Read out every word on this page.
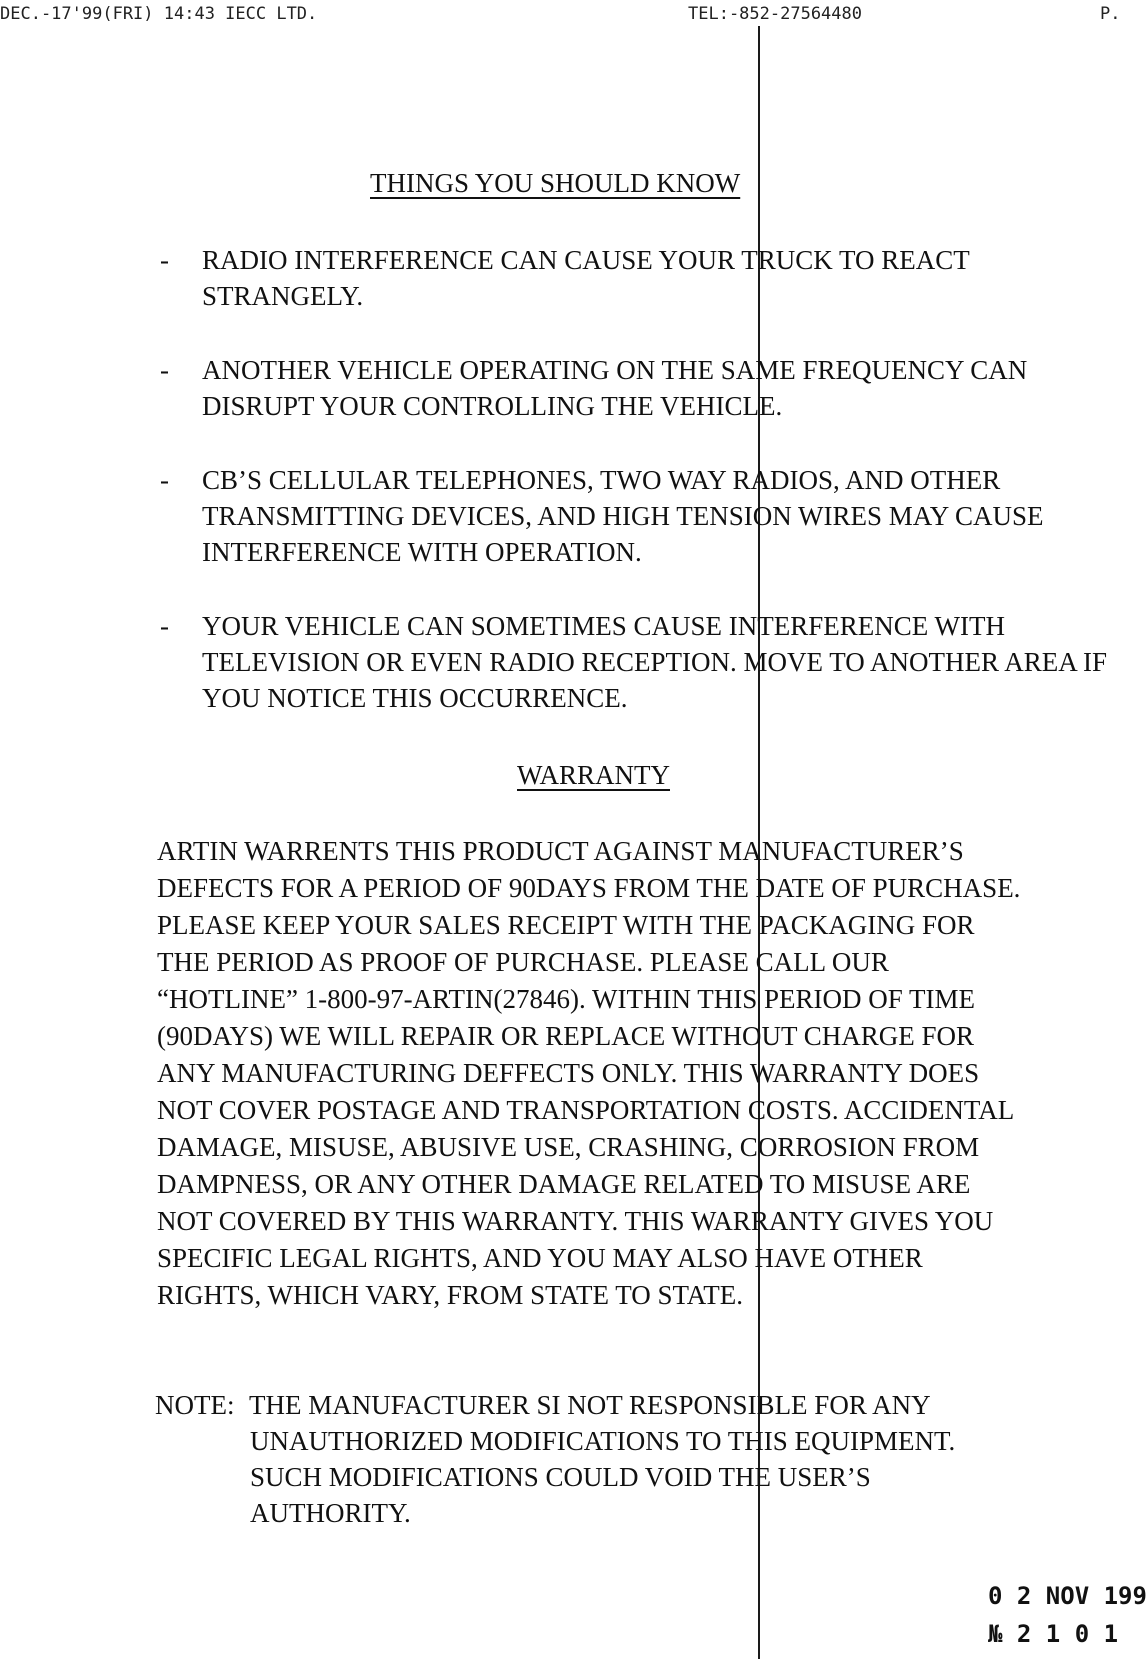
DEC.-17'99(FRI) 14:43 IECC LTD.	TEL:-852-27564480	P.
THINGS YOU SHOULD KNOW
- RADIO INTERFERENCE CAN CAUSE YOUR TRUCK TO REACT STRANGELY.
- ANOTHER VEHICLE OPERATING ON THE SAME FREQUENCY CAN DISRUPT YOUR CONTROLLING THE VEHICLE.
- CB’S CELLULAR TELEPHONES, TWO WAY RADIOS, AND OTHER TRANSMITTING DEVICES, AND HIGH TENSION WIRES MAY CAUSE INTERFERENCE WITH OPERATION.
- YOUR VEHICLE CAN SOMETIMES CAUSE INTERFERENCE WITH TELEVISION OR EVEN RADIO RECEPTION. MOVE TO ANOTHER AREA IF YOU NOTICE THIS OCCURRENCE.
WARRANTY
ARTIN WARRENTS THIS PRODUCT AGAINST MANUFACTURER’S
DEFECTS FOR A PERIOD OF 90DAYS FROM THE DATE OF PURCHASE.
PLEASE KEEP YOUR SALES RECEIPT WITH THE PACKAGING FOR
THE PERIOD AS PROOF OF PURCHASE. PLEASE CALL OUR
“HOTLINE” 1-800-97-ARTIN(27846). WITHIN THIS PERIOD OF TIME
(90DAYS) WE WILL REPAIR OR REPLACE WITHOUT CHARGE FOR
ANY MANUFACTURING DEFFECTS ONLY. THIS WARRANTY DOES
NOT COVER POSTAGE AND TRANSPORTATION COSTS. ACCIDENTAL
DAMAGE, MISUSE, ABUSIVE USE, CRASHING, CORROSION FROM
DAMPNESS, OR ANY OTHER DAMAGE RELATED TO MISUSE ARE
NOT COVERED BY THIS WARRANTY. THIS WARRANTY GIVES YOU
SPECIFIC LEGAL RIGHTS, AND YOU MAY ALSO HAVE OTHER
RIGHTS, WHICH VARY, FROM STATE TO STATE.
NOTE: THE MANUFACTURER SI NOT RESPONSIBLE FOR ANY
UNAUTHORIZED MODIFICATIONS TO THIS EQUIPMENT.
SUCH MODIFICATIONS COULD VOID THE USER’S
AUTHORITY.
0 2 NOV 199
№ 2 1 0 1
